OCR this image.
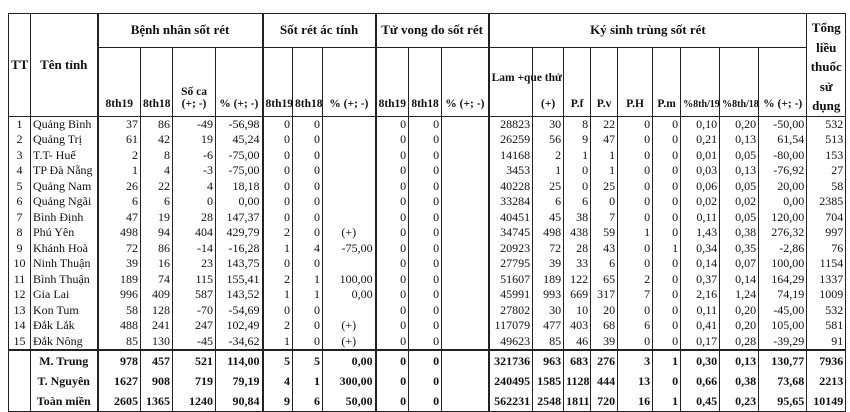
TT	Tên tỉnh	Bệnh nhân sốt rét				Sốt rét ác tính			Tử vong do sốt rét			Ký sinh trùng sốt rét									Tổng liều thuốc sử dụng
		8th19	8th18	Số ca (+; -)	% (+; -)	8th19	8th18	% (+; -)	8th19	8th18	% (+; -)	Lam +que thử	(+)	P.f	P.v	P.H	P.m	%8th/19	%8th/18	% (+; -)	
1	Quảng Bình	37	86	-49	-56,98	0	0		0	0		28823	30	8	22	0	0	0,10	0,20	-50,00	532
2	Quảng Trị	61	42	19	45,24	0	0		0	0		26259	56	9	47	0	0	0,21	0,13	61,54	513
3	T.T- Huế	2	8	-6	-75,00	0	0		0	0		14168	2	1	1	0	0	0,01	0,05	-80,00	153
4	TP Đà Nẵng	1	4	-3	-75,00	0	0		0	0		3453	1	0	1	0	0	0,03	0,13	-76,92	27
5	Quảng Nam	26	22	4	18,18	0	0		0	0		40228	25	0	25	0	0	0,06	0,05	20,00	58
6	Quảng Ngãi	6	6	0	0,00	0	0		0	0		33284	6	6	0	0	0	0,02	0,02	0,00	2385
7	Bình Định	47	19	28	147,37	0	0		0	0		40451	45	38	7	0	0	0,11	0,05	120,00	704
8	Phú Yên	498	94	404	429,79	2	0	(+)	0	0		34745	498	438	59	1	0	1,43	0,38	276,32	997
9	Khánh Hoà	72	86	-14	-16,28	1	4	-75,00	0	0		20923	72	28	43	0	1	0,34	0,35	-2,86	76
10	Ninh Thuận	39	16	23	143,75	0	0		0	0		27795	39	33	6	0	0	0,14	0,07	100,00	1154
11	Bình Thuận	189	74	115	155,41	2	1	100,00	0	0		51607	189	122	65	2	0	0,37	0,14	164,29	1337
12	Gia Lai	996	409	587	143,52	1	1	0,00	0	0		45991	993	669	317	7	0	2,16	1,24	74,19	1009
13	Kon Tum	58	128	-70	-54,69	0	0		0	0		27802	30	10	20	0	0	0,11	0,20	-45,00	532
14	Đắk Lắk	488	241	247	102,49	2	0	(+)	0	0		117079	477	403	68	6	0	0,41	0,20	105,00	581
15	Đắk Nông	85	130	-45	-34,62	1	0	(+)	0	0		49623	85	46	39	0	0	0,17	0,28	-39,29	91
	M. Trung	978	457	521	114,00	5	5	0,00	0	0		321736	963	683	276	3	1	0,30	0,13	130,77	7936
	T. Nguyên	1627	908	719	79,19	4	1	300,00	0	0		240495	1585	1128	444	13	0	0,66	0,38	73,68	2213
	Toàn miền	2605	1365	1240	90,84	9	6	50,00	0	0		562231	2548	1811	720	16	1	0,45	0,23	95,65	10149
